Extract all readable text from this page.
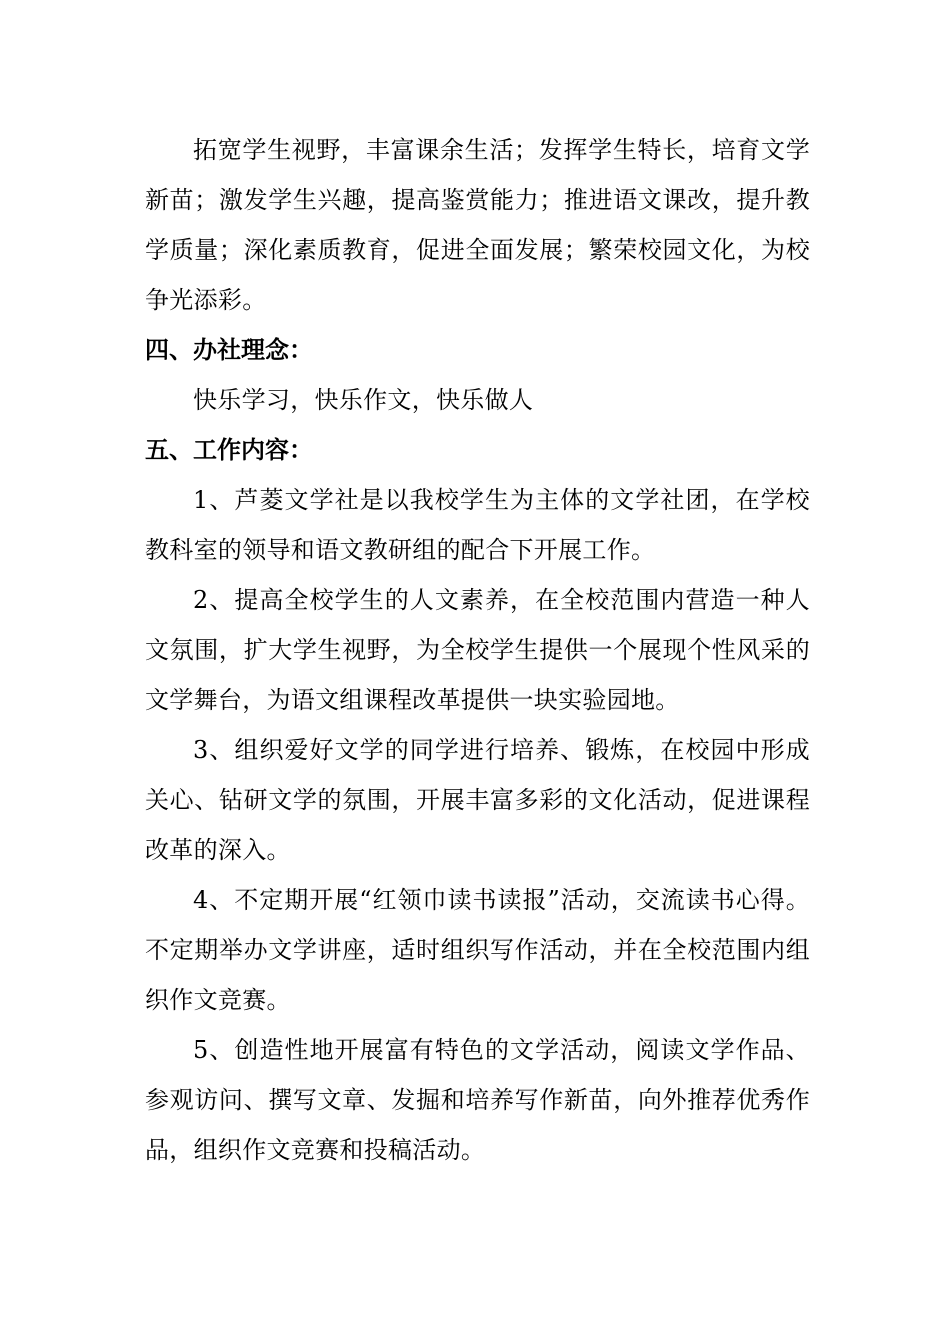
拓宽学生视野，丰富课余生活；发挥学生特长，培育文学新苗；激发学生兴趣，提高鉴赏能力；推进语文课改，提升教学质量；深化素质教育，促进全面发展；繁荣校园文化，为校争光添彩。

四、办社理念：

快乐学习，快乐作文，快乐做人

五、工作内容：

1、芦菱文学社是以我校学生为主体的文学社团，在学校教科室的领导和语文教研组的配合下开展工作。

2、提高全校学生的人文素养，在全校范围内营造一种人文氛围，扩大学生视野，为全校学生提供一个展现个性风采的文学舞台，为语文组课程改革提供一块实验园地。

3、组织爱好文学的同学进行培养、锻炼，在校园中形成关心、钻研文学的氛围，开展丰富多彩的文化活动，促进课程改革的深入。

4、不定期开展“红领巾读书读报”活动，交流读书心得。不定期举办文学讲座，适时组织写作活动，并在全校范围内组织作文竞赛。

5、创造性地开展富有特色的文学活动，阅读文学作品、参观访问、撰写文章、发掘和培养写作新苗，向外推荐优秀作品，组织作文竞赛和投稿活动。
